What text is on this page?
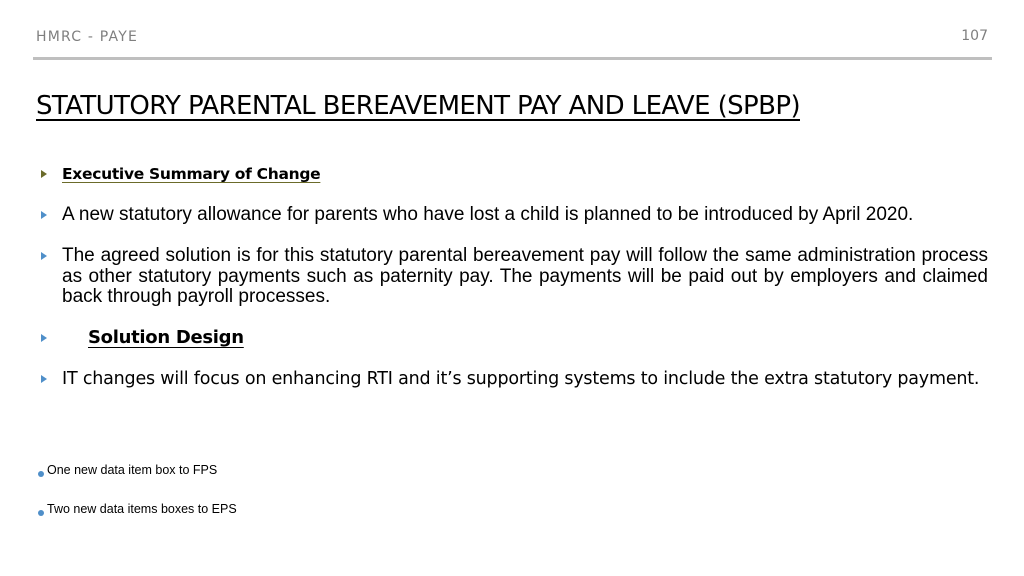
HMRC - PAYE	107
STATUTORY PARENTAL BEREAVEMENT PAY AND LEAVE (SPBP)
Executive Summary of Change
A new statutory allowance for parents who have lost a child is planned to be introduced by April 2020.
The agreed solution is for this statutory parental bereavement pay will follow the same administration process as other statutory payments such as paternity pay. The payments will be paid out by employers and claimed back through payroll processes.
Solution Design
IT changes will focus on enhancing RTI and it’s supporting systems to include the extra statutory payment.
One new data item box to FPS
Two new data items boxes to EPS
